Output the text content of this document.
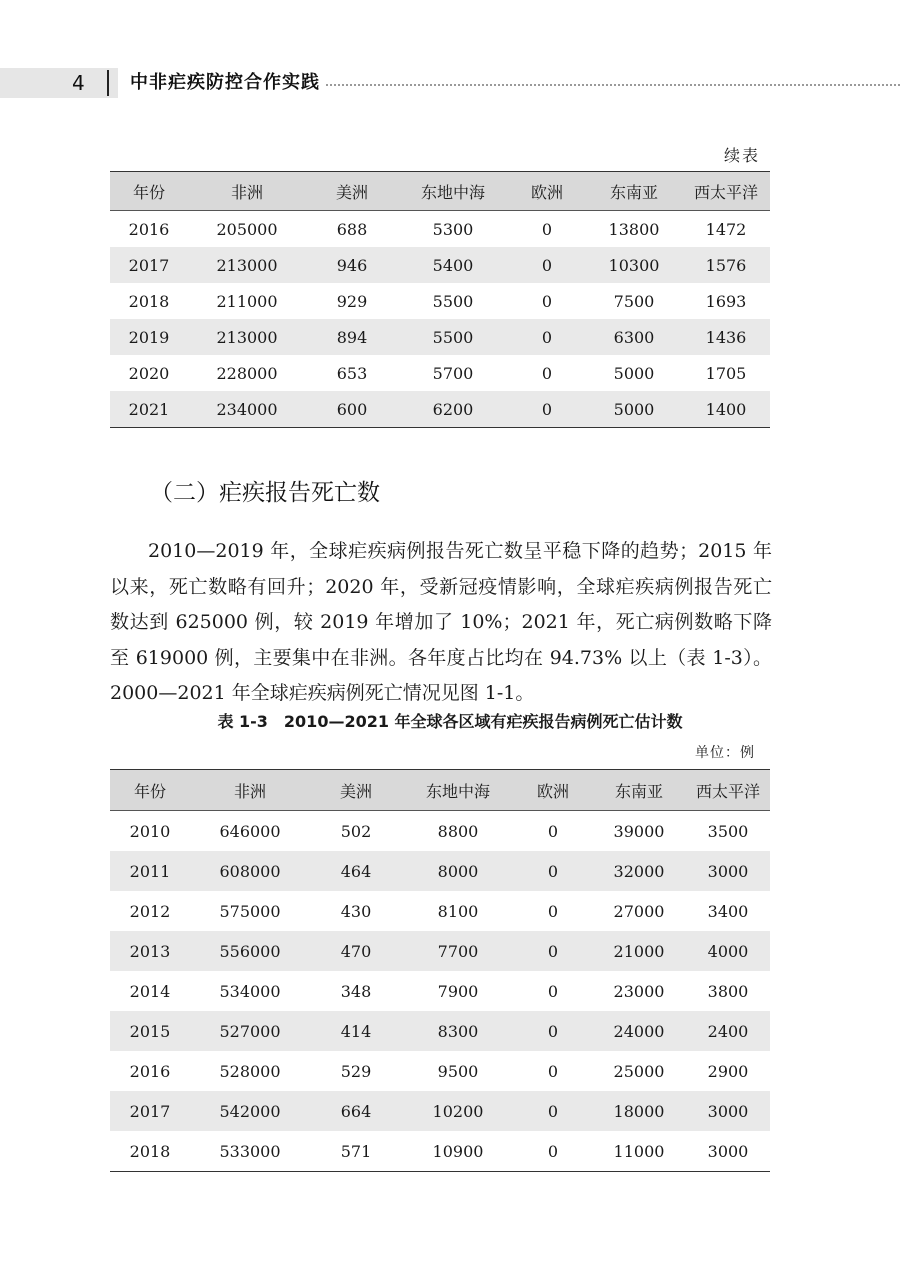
4	中非疟疾防控合作实践
续表
年份	非洲	美洲	东地中海	欧洲	东南亚	西太平洋
2016	205000	688	5300	0	13800	1472
2017	213000	946	5400	0	10300	1576
2018	211000	929	5500	0	7500	1693
2019	213000	894	5500	0	6300	1436
2020	228000	653	5700	0	5000	1705
2021	234000	600	6200	0	5000	1400
（二）疟疾报告死亡数

2010—2019 年，全球疟疾病例报告死亡数呈平稳下降的趋势；2015 年以来，死亡数略有回升；2020 年，受新冠疫情影响，全球疟疾病例报告死亡数达到 625000 例，较 2019 年增加了 10%；2021 年，死亡病例数略下降至 619000 例，主要集中在非洲。各年度占比均在 94.73% 以上（表 1-3）。2000—2021 年全球疟疾病例死亡情况见图 1-1。

表 1-3　2010—2021 年全球各区域有疟疾报告病例死亡估计数
单位：例
年份	非洲	美洲	东地中海	欧洲	东南亚	西太平洋
2010	646000	502	8800	0	39000	3500
2011	608000	464	8000	0	32000	3000
2012	575000	430	8100	0	27000	3400
2013	556000	470	7700	0	21000	4000
2014	534000	348	7900	0	23000	3800
2015	527000	414	8300	0	24000	2400
2016	528000	529	9500	0	25000	2900
2017	542000	664	10200	0	18000	3000
2018	533000	571	10900	0	11000	3000
